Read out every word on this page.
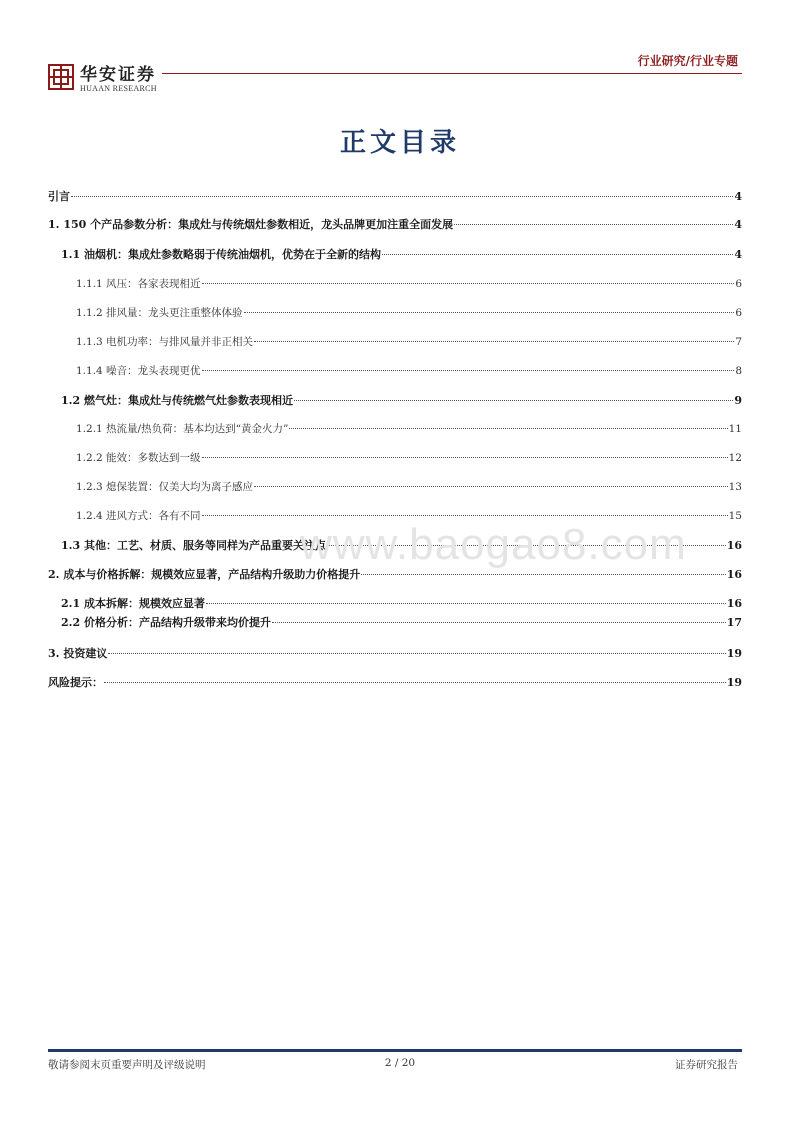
华安证券
HUAAN RESEARCH
行业研究/行业专题
正文目录
引言	4
1. 150 个产品参数分析：集成灶与传统烟灶参数相近，龙头品牌更加注重全面发展	4
1.1 油烟机：集成灶参数略弱于传统油烟机，优势在于全新的结构	4
1.1.1 风压：各家表现相近	6
1.1.2 排风量：龙头更注重整体体验	6
1.1.3 电机功率：与排风量并非正相关	7
1.1.4 噪音：龙头表现更优	8
1.2 燃气灶：集成灶与传统燃气灶参数表现相近	9
1.2.1 热流量/热负荷：基本均达到“黄金火力”	11
1.2.2 能效：多数达到一级	12
1.2.3 熄保装置：仅美大均为离子感应	13
1.2.4 进风方式：各有不同	15
1.3 其他：工艺、材质、服务等同样为产品重要关注点	16
2. 成本与价格拆解：规模效应显著，产品结构升级助力价格提升	16
2.1 成本拆解：规模效应显著	16
2.2 价格分析：产品结构升级带来均价提升	17
3. 投资建议	19
风险提示：	19
www.baogao8.com
敬请参阅末页重要声明及评级说明	2 / 20	证券研究报告
